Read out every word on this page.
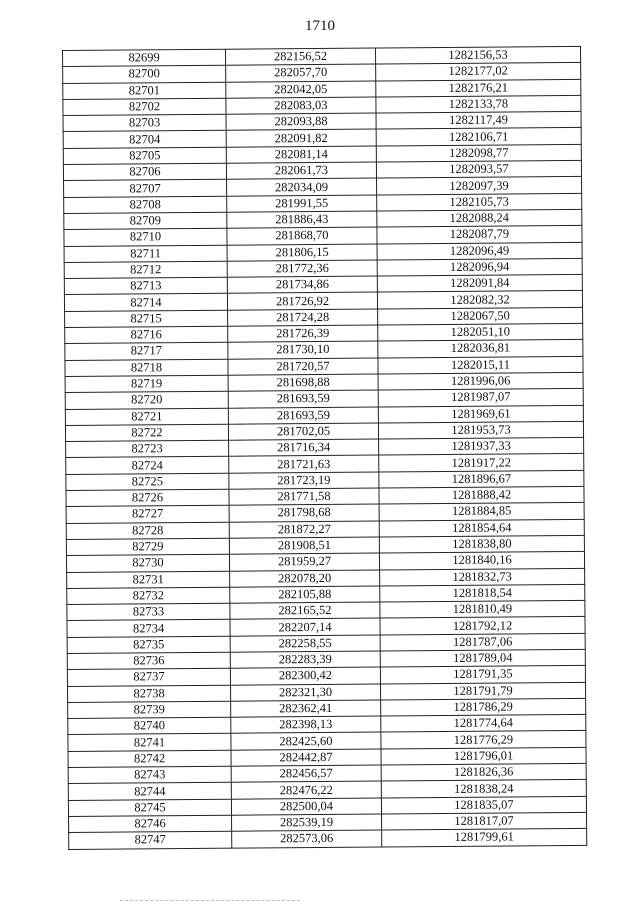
1710
82699	282156,52	1282156,53
82700	282057,70	1282177,02
82701	282042,05	1282176,21
82702	282083,03	1282133,78
82703	282093,88	1282117,49
82704	282091,82	1282106,71
82705	282081,14	1282098,77
82706	282061,73	1282093,57
82707	282034,09	1282097,39
82708	281991,55	1282105,73
82709	281886,43	1282088,24
82710	281868,70	1282087,79
82711	281806,15	1282096,49
82712	281772,36	1282096,94
82713	281734,86	1282091,84
82714	281726,92	1282082,32
82715	281724,28	1282067,50
82716	281726,39	1282051,10
82717	281730,10	1282036,81
82718	281720,57	1282015,11
82719	281698,88	1281996,06
82720	281693,59	1281987,07
82721	281693,59	1281969,61
82722	281702,05	1281953,73
82723	281716,34	1281937,33
82724	281721,63	1281917,22
82725	281723,19	1281896,67
82726	281771,58	1281888,42
82727	281798,68	1281884,85
82728	281872,27	1281854,64
82729	281908,51	1281838,80
82730	281959,27	1281840,16
82731	282078,20	1281832,73
82732	282105,88	1281818,54
82733	282165,52	1281810,49
82734	282207,14	1281792,12
82735	282258,55	1281787,06
82736	282283,39	1281789,04
82737	282300,42	1281791,35
82738	282321,30	1281791,79
82739	282362,41	1281786,29
82740	282398,13	1281774,64
82741	282425,60	1281776,29
82742	282442,87	1281796,01
82743	282456,57	1281826,36
82744	282476,22	1281838,24
82745	282500,04	1281835,07
82746	282539,19	1281817,07
82747	282573,06	1281799,61
